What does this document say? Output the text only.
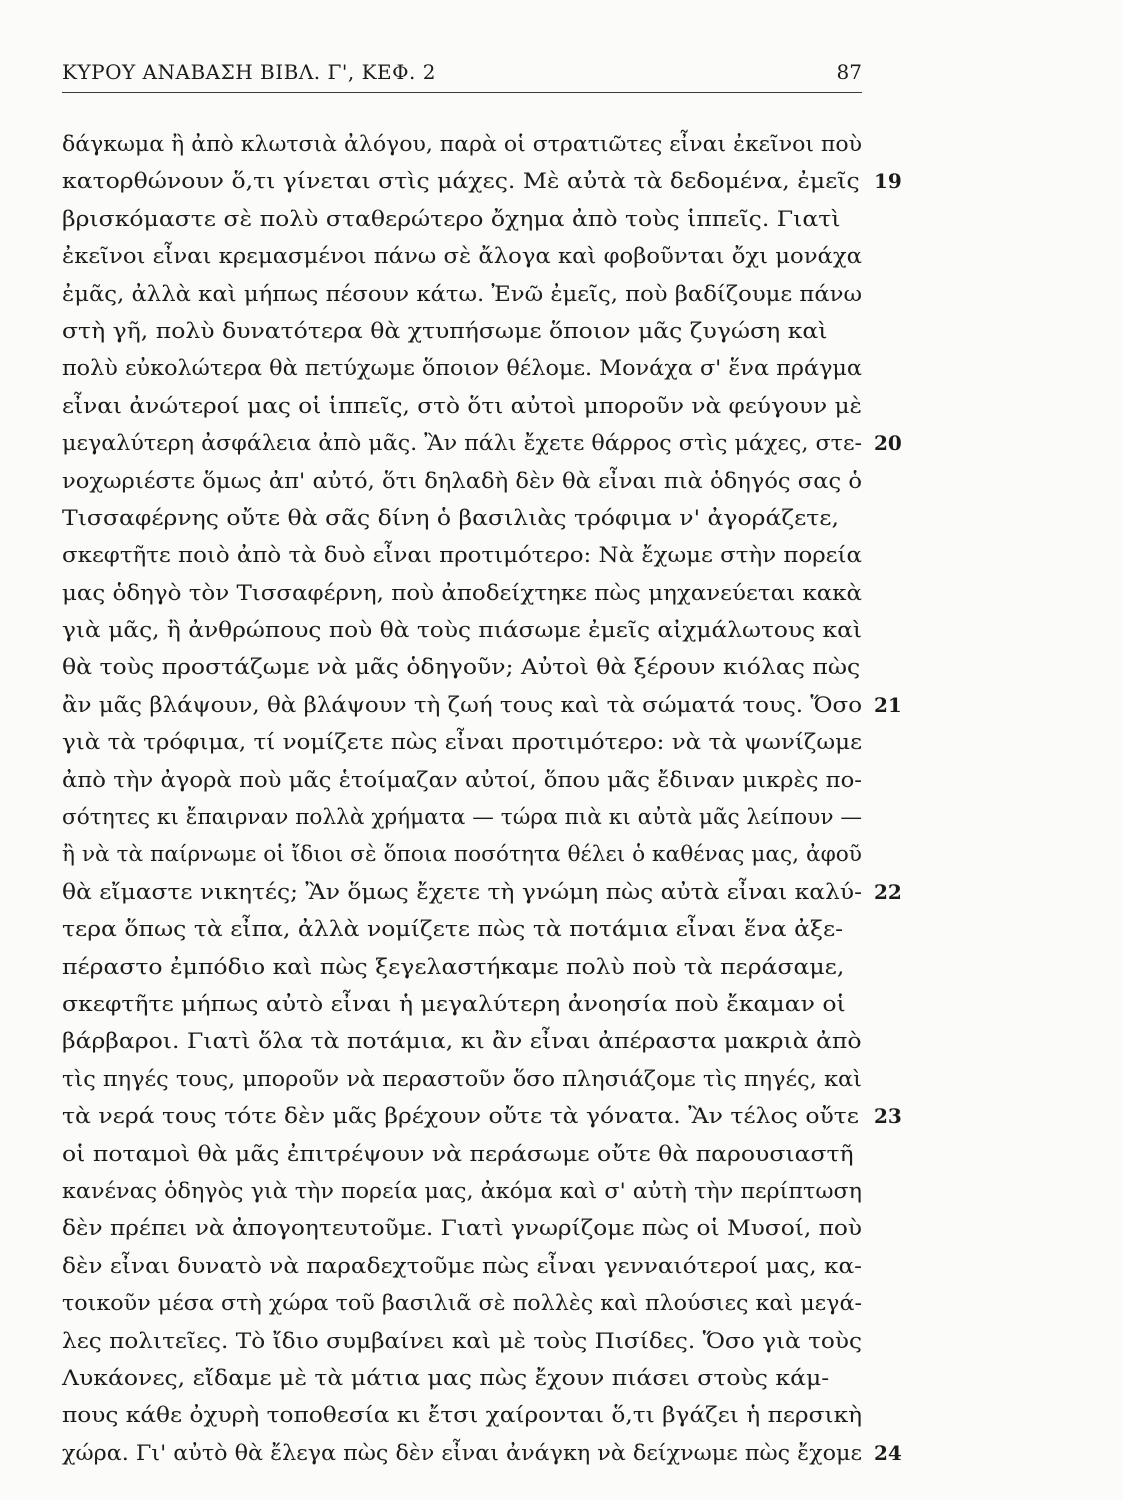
ΚΥΡΟΥ ΑΝΑΒΑΣΗ ΒΙΒΛ. Γ', ΚΕΦ. 2	87
δάγκωμα ἢ ἀπὸ κλωτσιὰ ἀλόγου, παρὰ οἱ στρατιῶτες εἶναι ἐκεῖνοι ποὺ
κατορθώνουν ὅ,τι γίνεται στὶς μάχες. Μὲ αὐτὰ τὰ δεδομένα, ἐμεῖς 19
βρισκόμαστε σὲ πολὺ σταθερώτερο ὄχημα ἀπὸ τοὺς ἱππεῖς. Γιατὶ
ἐκεῖνοι εἶναι κρεμασμένοι πάνω σὲ ἄλογα καὶ φοβοῦνται ὄχι μονάχα
ἐμᾶς, ἀλλὰ καὶ μήπως πέσουν κάτω. Ἐνῶ ἐμεῖς, ποὺ βαδίζουμε πάνω
στὴ γῆ, πολὺ δυνατότερα θὰ χτυπήσωμε ὅποιον μᾶς ζυγώση καὶ
πολὺ εὐκολώτερα θὰ πετύχωμε ὅποιον θέλομε. Μονάχα σ' ἕνα πράγμα
εἶναι ἀνώτεροί μας οἱ ἱππεῖς, στὸ ὅτι αὐτοὶ μποροῦν νὰ φεύγουν μὲ
μεγαλύτερη ἀσφάλεια ἀπὸ μᾶς. Ἂν πάλι ἔχετε θάρρος στὶς μάχες, στε- 20
νοχωριέστε ὅμως ἀπ' αὐτό, ὅτι δηλαδὴ δὲν θὰ εἶναι πιὰ ὁδηγός σας ὁ
Τισσαφέρνης οὔτε θὰ σᾶς δίνη ὁ βασιλιὰς τρόφιμα ν' ἀγοράζετε,
σκεφτῆτε ποιὸ ἀπὸ τὰ δυὸ εἶναι προτιμότερο: Νὰ ἔχωμε στὴν πορεία
μας ὁδηγὸ τὸν Τισσαφέρνη, ποὺ ἀποδείχτηκε πὼς μηχανεύεται κακὰ
γιὰ μᾶς, ἢ ἀνθρώπους ποὺ θὰ τοὺς πιάσωμε ἐμεῖς αἰχμάλωτους καὶ
θὰ τοὺς προστάζωμε νὰ μᾶς ὁδηγοῦν; Αὐτοὶ θὰ ξέρουν κιόλας πὼς
ἂν μᾶς βλάψουν, θὰ βλάψουν τὴ ζωή τους καὶ τὰ σώματά τους. Ὅσο 21
γιὰ τὰ τρόφιμα, τί νομίζετε πὼς εἶναι προτιμότερο: νὰ τὰ ψωνίζωμε
ἀπὸ τὴν ἀγορὰ ποὺ μᾶς ἑτοίμαζαν αὐτοί, ὅπου μᾶς ἔδιναν μικρὲς πο-
σότητες κι ἔπαιρναν πολλὰ χρήματα — τώρα πιὰ κι αὐτὰ μᾶς λείπουν —
ἢ νὰ τὰ παίρνωμε οἱ ἴδιοι σὲ ὅποια ποσότητα θέλει ὁ καθένας μας, ἀφοῦ
θὰ εἴμαστε νικητές; Ἂν ὅμως ἔχετε τὴ γνώμη πὼς αὐτὰ εἶναι καλύ- 22
τερα ὅπως τὰ εἶπα, ἀλλὰ νομίζετε πὼς τὰ ποτάμια εἶναι ἕνα ἀξε-
πέραστο ἐμπόδιο καὶ πὼς ξεγελαστήκαμε πολὺ ποὺ τὰ περάσαμε,
σκεφτῆτε μήπως αὐτὸ εἶναι ἡ μεγαλύτερη ἀνοησία ποὺ ἔκαμαν οἱ
βάρβαροι. Γιατὶ ὅλα τὰ ποτάμια, κι ἂν εἶναι ἀπέραστα μακριὰ ἀπὸ
τὶς πηγές τους, μποροῦν νὰ περαστοῦν ὅσο πλησιάζομε τὶς πηγές, καὶ
τὰ νερά τους τότε δὲν μᾶς βρέχουν οὔτε τὰ γόνατα. Ἂν τέλος οὔτε 23
οἱ ποταμοὶ θὰ μᾶς ἐπιτρέψουν νὰ περάσωμε οὔτε θὰ παρουσιαστῆ
κανένας ὁδηγὸς γιὰ τὴν πορεία μας, ἀκόμα καὶ σ' αὐτὴ τὴν περίπτωση
δὲν πρέπει νὰ ἀπογοητευτοῦμε. Γιατὶ γνωρίζομε πὼς οἱ Μυσοί, ποὺ
δὲν εἶναι δυνατὸ νὰ παραδεχτοῦμε πὼς εἶναι γενναιότεροί μας, κα-
τοικοῦν μέσα στὴ χώρα τοῦ βασιλιᾶ σὲ πολλὲς καὶ πλούσιες καὶ μεγά-
λες πολιτεῖες. Τὸ ἴδιο συμβαίνει καὶ μὲ τοὺς Πισίδες. Ὅσο γιὰ τοὺς
Λυκάονες, εἴδαμε μὲ τὰ μάτια μας πὼς ἔχουν πιάσει στοὺς κάμ-
πους κάθε ὀχυρὴ τοποθεσία κι ἔτσι χαίρονται ὅ,τι βγάζει ἡ περσικὴ
χώρα. Γι' αὐτὸ θὰ ἔλεγα πὼς δὲν εἶναι ἀνάγκη νὰ δείχνωμε πὼς ἔχομε 24
